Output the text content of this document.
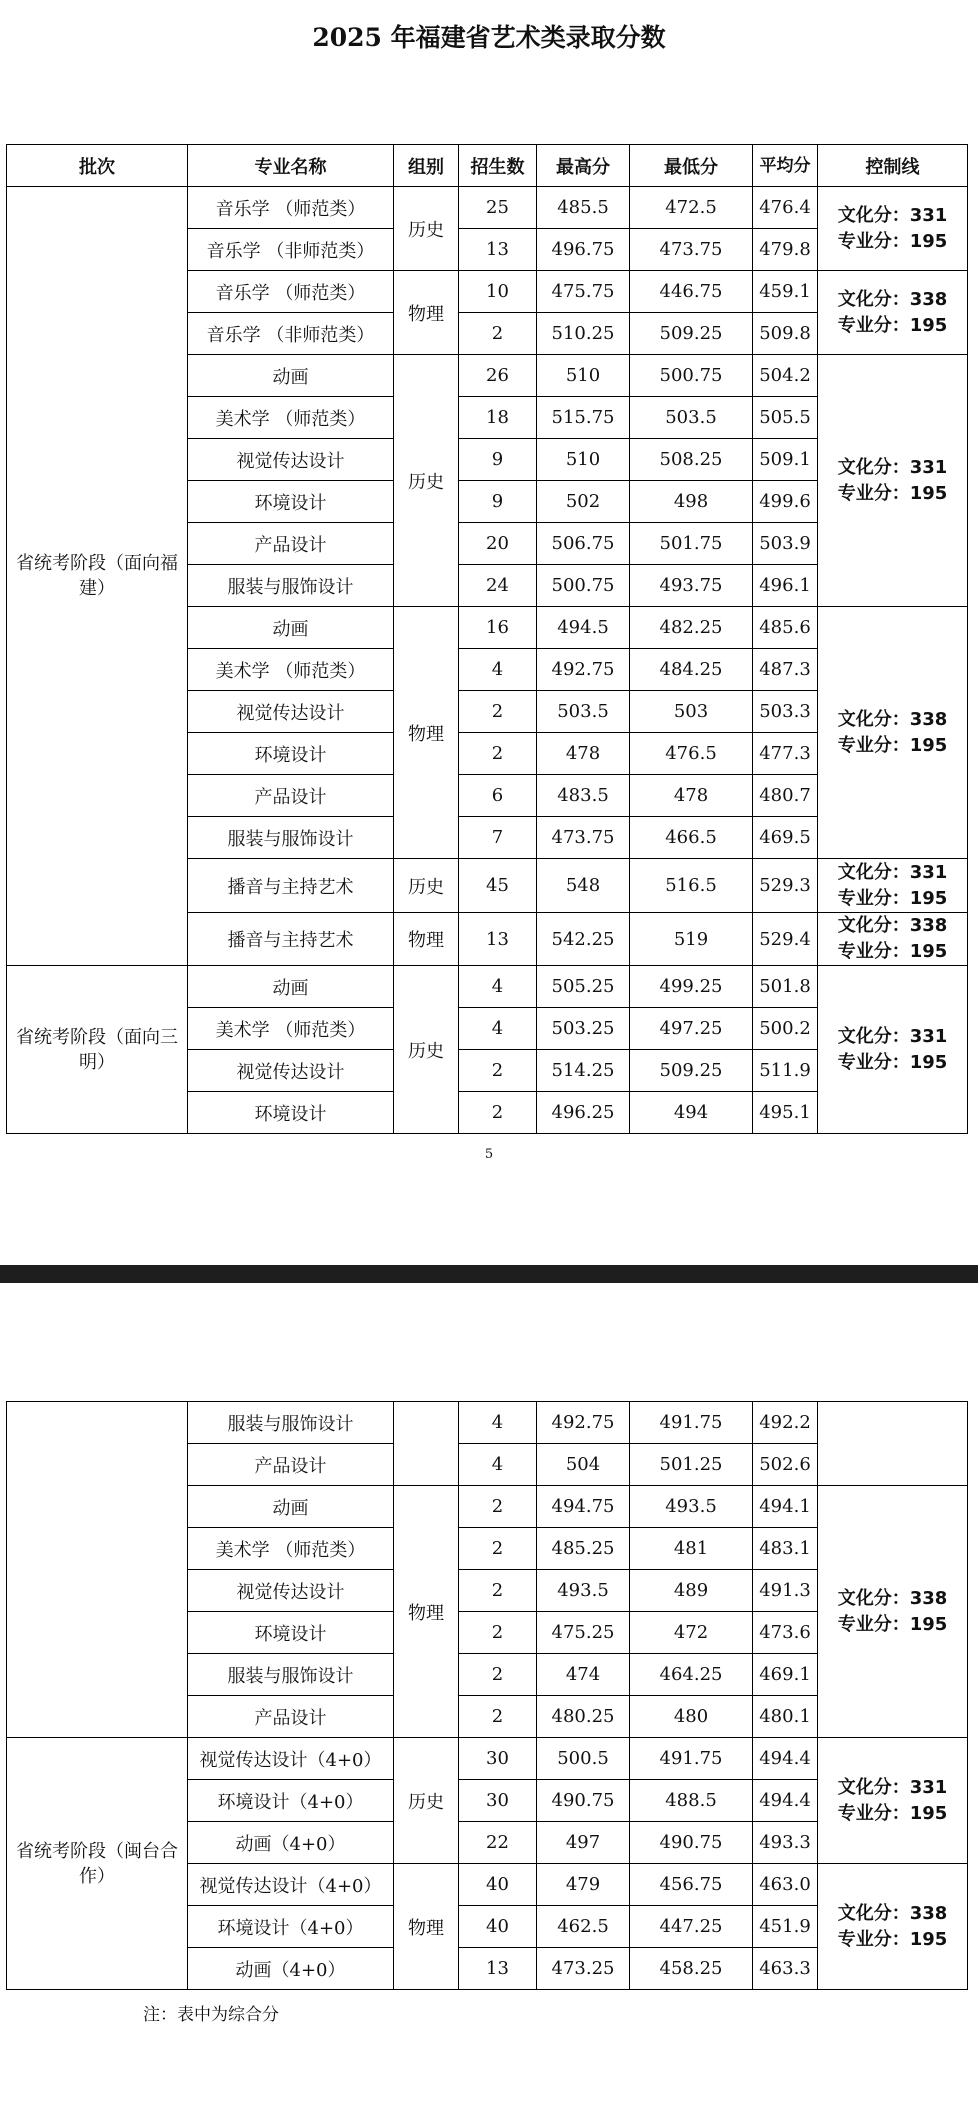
2025 年福建省艺术类录取分数
批次	专业名称	组别	招生数	最高分	最低分	平均分	控制线
省统考阶段（面向福建）	音乐学 （师范类）	历史	25	485.5	472.5	476.4	文化分：331
专业分：195

	音乐学 （非师范类）		13	496.75	473.75	479.8	
	音乐学 （师范类）	物理	10	475.75	446.75	459.1	文化分：338
专业分：195

	音乐学 （非师范类）		2	510.25	509.25	509.8	
	动画	历史	26	510	500.75	504.2	文化分：331
专业分：195

	美术学 （师范类）		18	515.75	503.5	505.5	
	视觉传达设计		9	510	508.25	509.1	
	环境设计		9	502	498	499.6	
	产品设计		20	506.75	501.75	503.9	
	服装与服饰设计		24	500.75	493.75	496.1	
	动画	物理	16	494.5	482.25	485.6	文化分：338
专业分：195

	美术学 （师范类）		4	492.75	484.25	487.3	
	视觉传达设计		2	503.5	503	503.3	
	环境设计		2	478	476.5	477.3	
	产品设计		6	483.5	478	480.7	
	服装与服饰设计		7	473.75	466.5	469.5	
	播音与主持艺术	历史	45	548	516.5	529.3	文化分：331
专业分：195

	播音与主持艺术	物理	13	542.25	519	529.4	文化分：338
专业分：195

省统考阶段（面向三明）	动画	历史	4	505.25	499.25	501.8	文化分：331
专业分：195

	美术学 （师范类）		4	503.25	497.25	500.2	
	视觉传达设计		2	514.25	509.25	511.9	
	环境设计		2	496.25	494	495.1	
5
	服装与服饰设计		4	492.75	491.75	492.2	
	产品设计		4	504	501.25	502.6	
	动画	物理	2	494.75	493.5	494.1	文化分：338
专业分：195

	美术学 （师范类）		2	485.25	481	483.1	
	视觉传达设计		2	493.5	489	491.3	
	环境设计		2	475.25	472	473.6	
	服装与服饰设计		2	474	464.25	469.1	
	产品设计		2	480.25	480	480.1	
省统考阶段（闽台合作）	视觉传达设计（4+0）	历史	30	500.5	491.75	494.4	文化分：331
专业分：195

	环境设计（4+0）		30	490.75	488.5	494.4	
	动画（4+0）		22	497	490.75	493.3	
	视觉传达设计（4+0）	物理	40	479	456.75	463.0	文化分：338
专业分：195

	环境设计（4+0）		40	462.5	447.25	451.9	
	动画（4+0）		13	473.25	458.25	463.3	
注：表中为综合分
